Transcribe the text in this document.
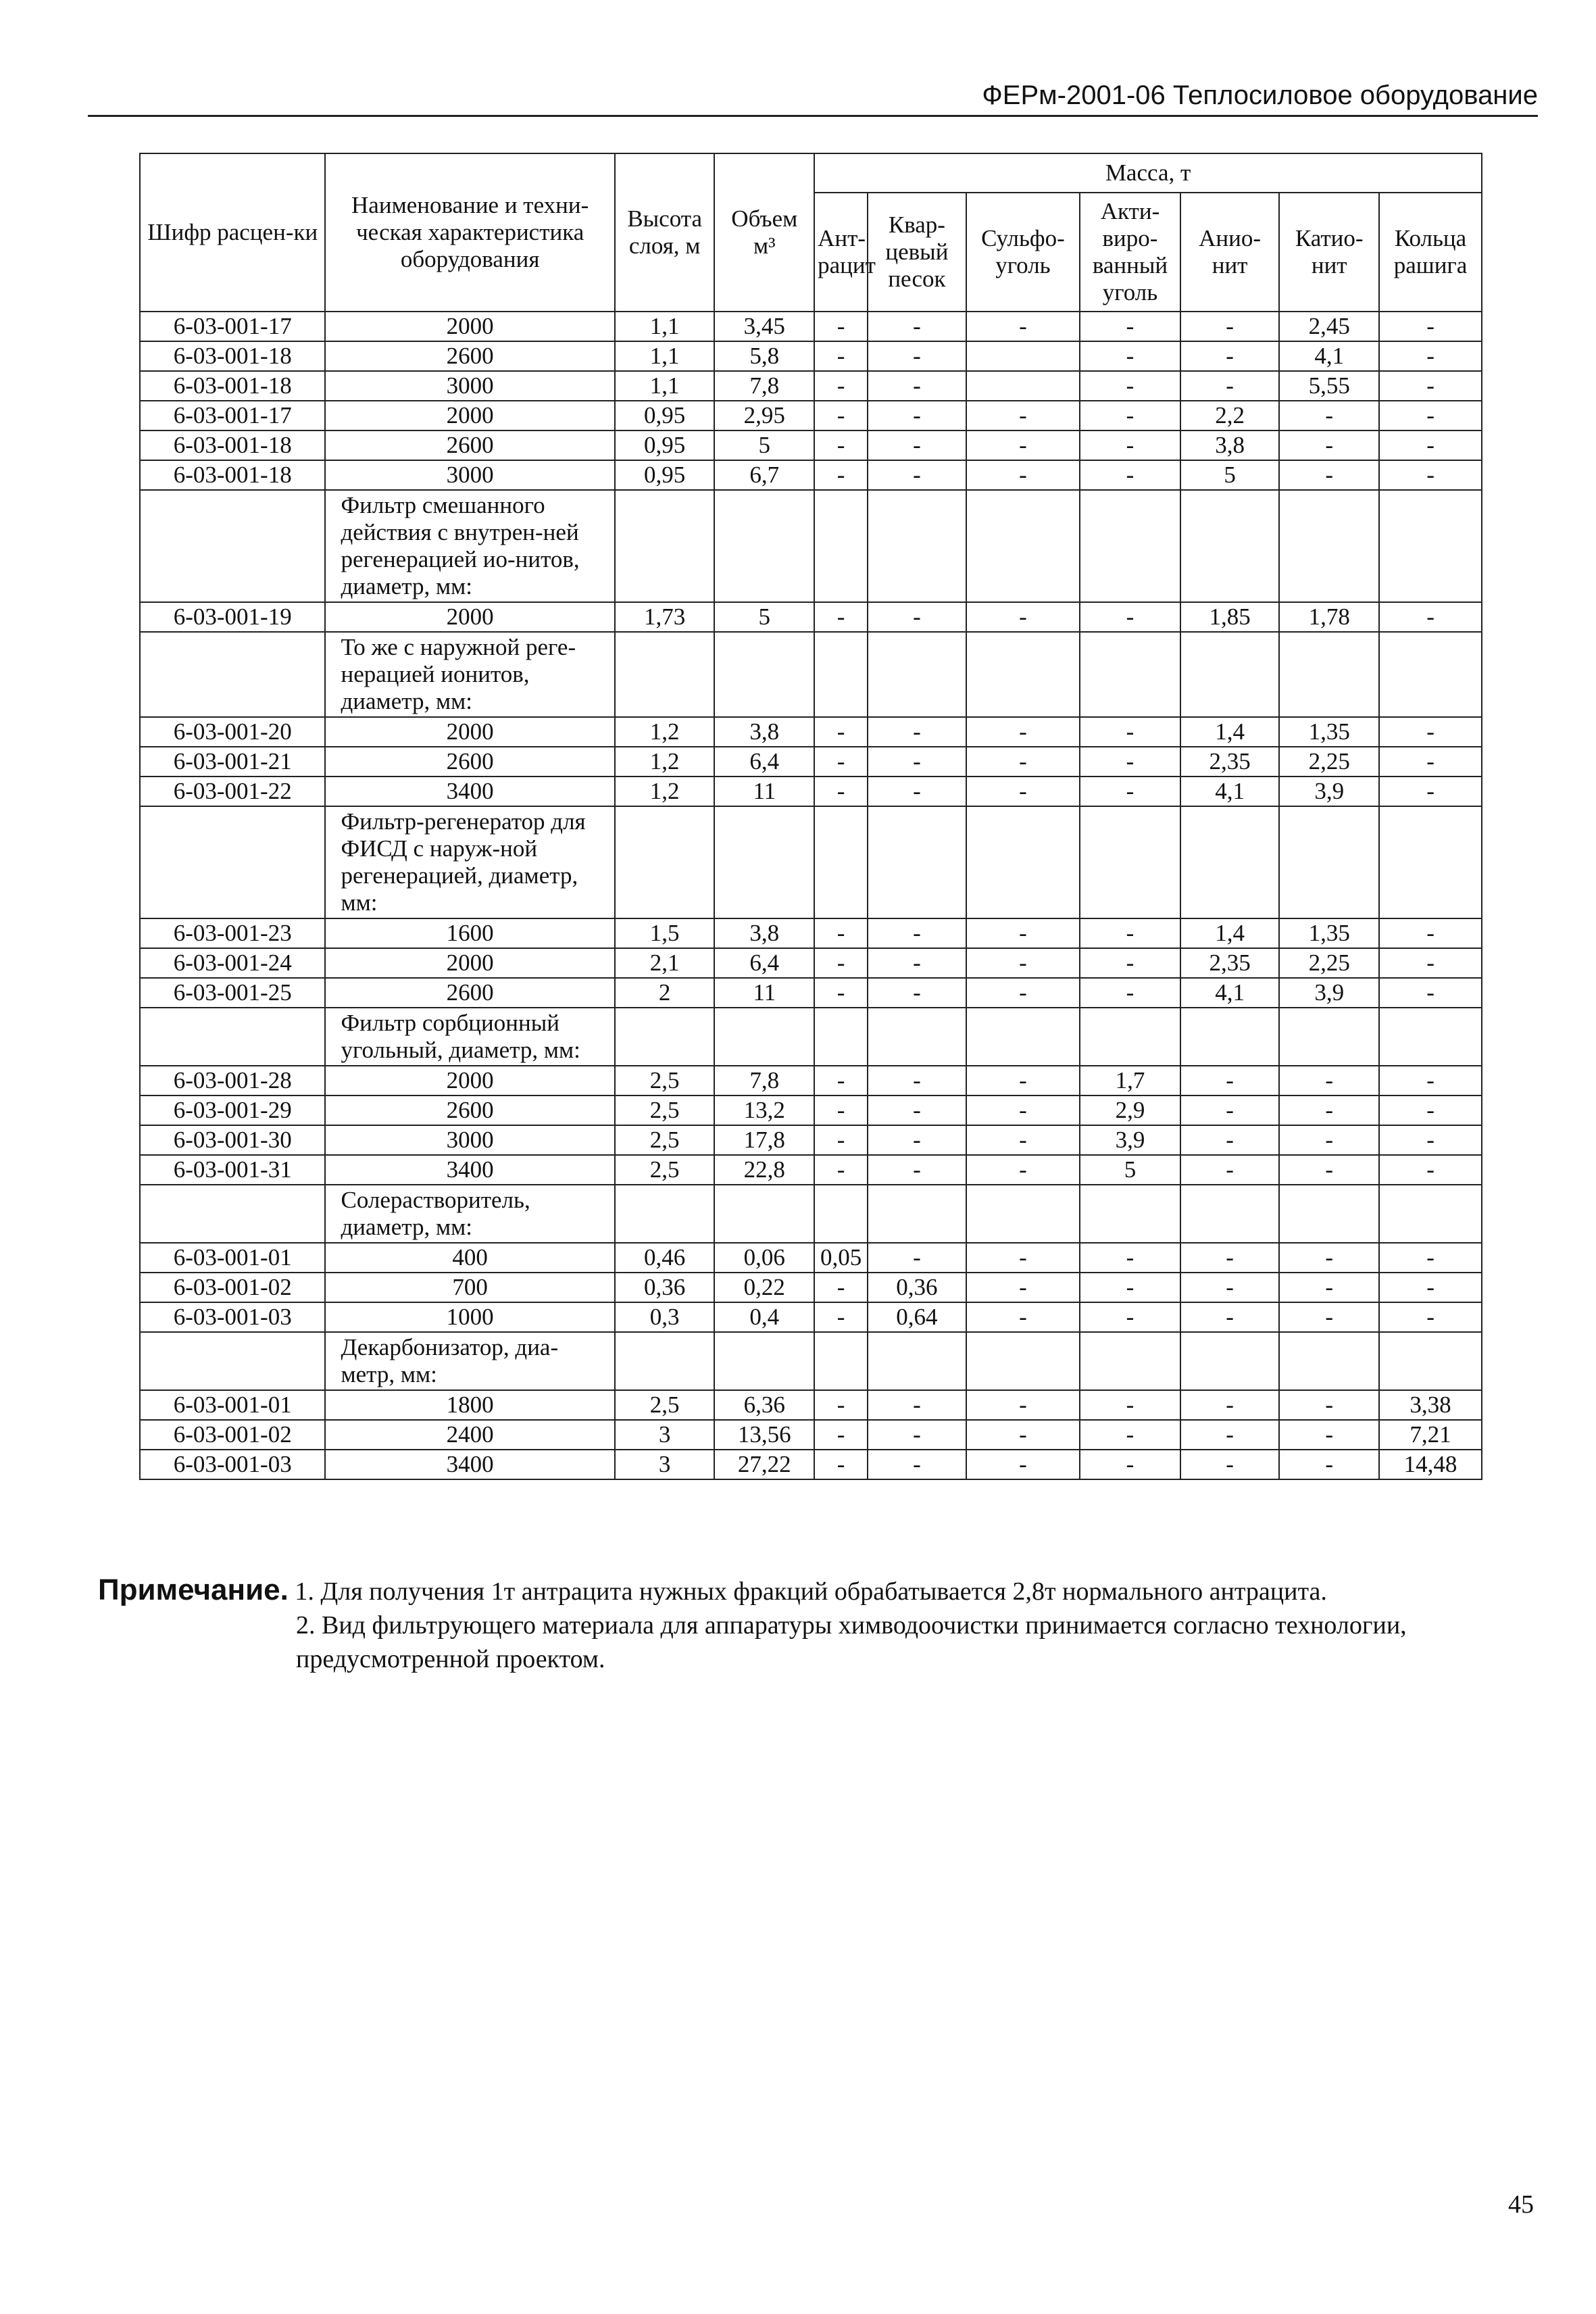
ФЕРм-2001-06 Теплосиловое оборудование
Шифр расцен-ки	Наименование и техни-ческая характеристика оборудования	Высота слоя, м	Объем м³	Масса, т						
				Ант-рацит	Квар-цевый песок	Сульфо-уголь	Акти-виро-ванный уголь	Анио-нит	Катио-нит	Кольца рашига
6-03-001-17	2000	1,1	3,45	-	-	-	-	-	2,45	-
6-03-001-18	2600	1,1	5,8	-	-		-	-	4,1	-
6-03-001-18	3000	1,1	7,8	-	-		-	-	5,55	-
6-03-001-17	2000	0,95	2,95	-	-	-	-	2,2	-	-
6-03-001-18	2600	0,95	5	-	-	-	-	3,8	-	-
6-03-001-18	3000	0,95	6,7	-	-	-	-	5	-	-
	Фильтр смешанного действия с внутрен-ней регенерацией ио-нитов, диаметр, мм:									
6-03-001-19	2000	1,73	5	-	-	-	-	1,85	1,78	-
	То же с наружной реге-нерацией ионитов, диаметр, мм:									
6-03-001-20	2000	1,2	3,8	-	-	-	-	1,4	1,35	-
6-03-001-21	2600	1,2	6,4	-	-	-	-	2,35	2,25	-
6-03-001-22	3400	1,2	11	-	-	-	-	4,1	3,9	-
	Фильтр-регенератор для ФИСД с наруж-ной регенерацией, диаметр, мм:									
6-03-001-23	1600	1,5	3,8	-	-	-	-	1,4	1,35	-
6-03-001-24	2000	2,1	6,4	-	-	-	-	2,35	2,25	-
6-03-001-25	2600	2	11	-	-	-	-	4,1	3,9	-
	Фильтр сорбционный угольный, диаметр, мм:									
6-03-001-28	2000	2,5	7,8	-	-	-	1,7	-	-	-
6-03-001-29	2600	2,5	13,2	-	-	-	2,9	-	-	-
6-03-001-30	3000	2,5	17,8	-	-	-	3,9	-	-	-
6-03-001-31	3400	2,5	22,8	-	-	-	5	-	-	-
	Солерастворитель, диаметр, мм:									
6-03-001-01	400	0,46	0,06	0,05	-	-	-	-	-	-
6-03-001-02	700	0,36	0,22	-	0,36	-	-	-	-	-
6-03-001-03	1000	0,3	0,4	-	0,64	-	-	-	-	-
	Декарбонизатор, диа-метр, мм:									
6-03-001-01	1800	2,5	6,36	-	-	-	-	-	-	3,38
6-03-001-02	2400	3	13,56	-	-	-	-	-	-	7,21
6-03-001-03	3400	3	27,22	-	-	-	-	-	-	14,48
Примечание. 1. Для получения 1т антрацита нужных фракций обрабатывается 2,8т нормального антрацита.
2. Вид фильтрующего материала для аппаратуры химводоочистки принимается согласно технологии, предусмотренной проектом.
45
